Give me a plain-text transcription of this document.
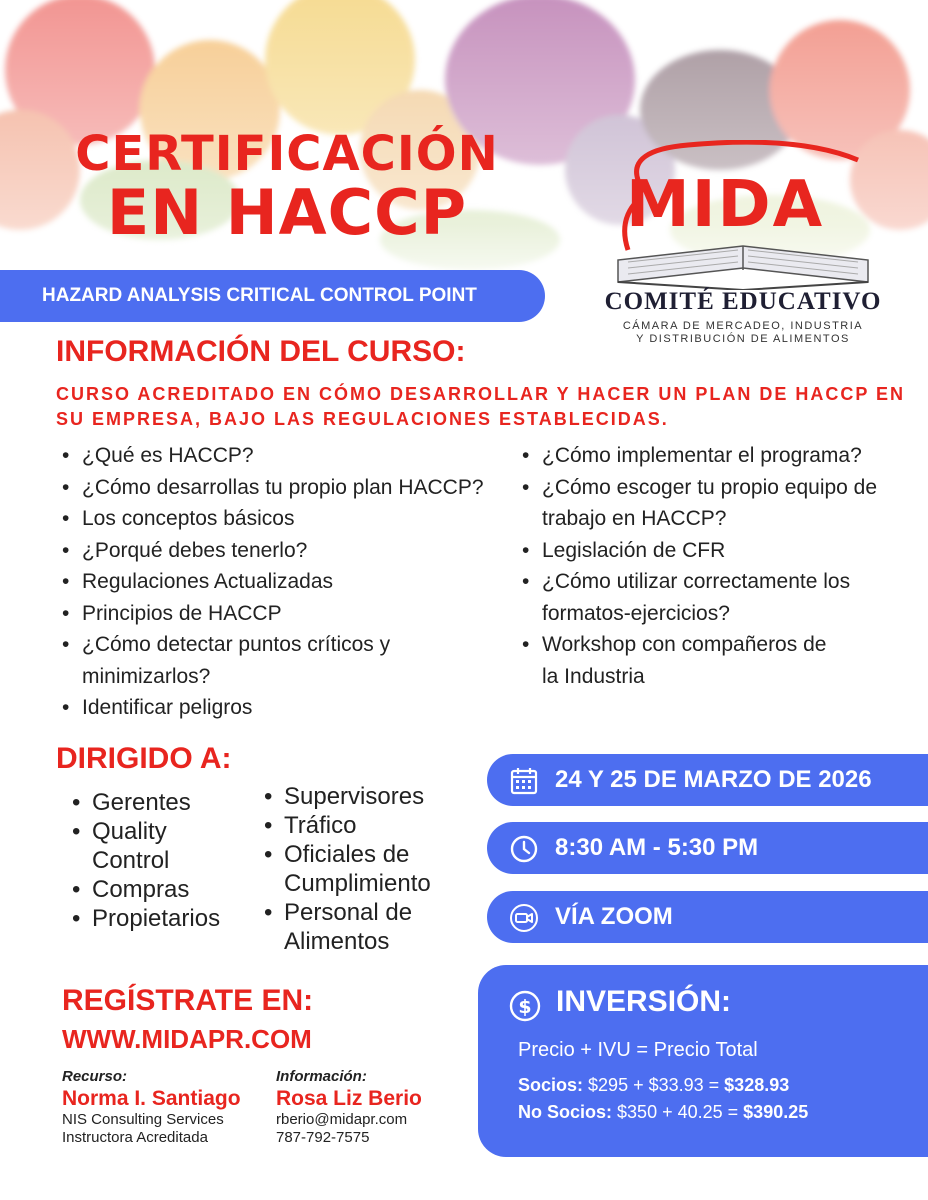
CERTIFICACIÓN
EN HACCP
HAZARD ANALYSIS CRITICAL CONTROL POINT
MIDA
COMITÉ EDUCATIVO
CÁMARA DE MERCADEO, INDUSTRIA
Y DISTRIBUCIÓN DE ALIMENTOS
INFORMACIÓN DEL CURSO:

CURSO ACREDITADO EN CÓMO DESARROLLAR Y HACER UN PLAN DE HACCP EN SU EMPRESA, BAJO LAS REGULACIONES ESTABLECIDAS.

• ¿Qué es HACCP?
• ¿Cómo desarrollas tu propio plan HACCP?
• Los conceptos básicos
• ¿Porqué debes tenerlo?
• Regulaciones Actualizadas
• Principios de HACCP
• ¿Cómo detectar puntos críticos y minimizarlos?
• Identificar peligros
• ¿Cómo implementar el programa?
• ¿Cómo escoger tu propio equipo de trabajo en HACCP?
• Legislación de CFR
• ¿Cómo utilizar correctamente los formatos-ejercicios?
• Workshop con compañeros de la Industria
DIRIGIDO A:
• Gerentes
• Quality Control
• Compras
• Propietarios
• Supervisores
• Tráfico
• Oficiales de Cumplimiento
• Personal de Alimentos
24 Y 25 DE MARZO DE 2026
8:30 AM - 5:30 PM
VÍA ZOOM
$ INVERSIÓN:
Precio + IVU = Precio Total
Socios: $295 + $33.93 = $328.93
No Socios: $350 + 40.25 = $390.25
REGÍSTRATE EN:
WWW.MIDAPR.COM
Recurso:
Norma I. Santiago
NIS Consulting Services
Instructora Acreditada
Información:
Rosa Liz Berio
rberio@midapr.com
787-792-7575
